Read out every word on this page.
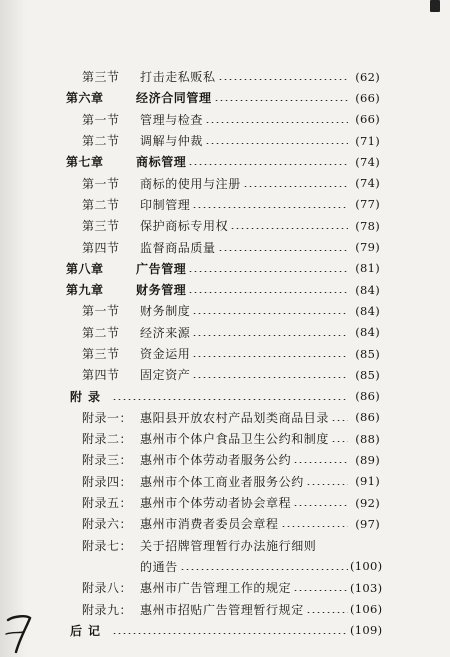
第三节	打击走私贩私	(62)
第六章	经济合同管理	(66)
第一节	管理与检查	(66)
第二节	调解与仲裁	(71)
第七章	商标管理	(74)
第一节	商标的使用与注册	(74)
第二节	印制管理	(77)
第三节	保护商标专用权	(78)
第四节	监督商品质量	(79)
第八章	广告管理	(81)
第九章	财务管理	(84)
第一节	财务制度	(84)
第二节	经济来源	(84)
第三节	资金运用	(85)
第四节	固定资产	(85)
附录	(86)
附录一： 惠阳县开放农村产品划类商品目录	(86)
附录二： 惠州市个体户食品卫生公约和制度	(88)
附录三： 惠州市个体劳动者服务公约	(89)
附录四： 惠州市个体工商业者服务公约	(91)
附录五： 惠州市个体劳动者协会章程	(92)
附录六： 惠州市消费者委员会章程	(97)
附录七： 关于招牌管理暂行办法施行细则
的通告	(100)
附录八： 惠州市广告管理工作的规定	(103)
附录九： 惠州市招贴广告管理暂行规定	(106)
后记	(109)
